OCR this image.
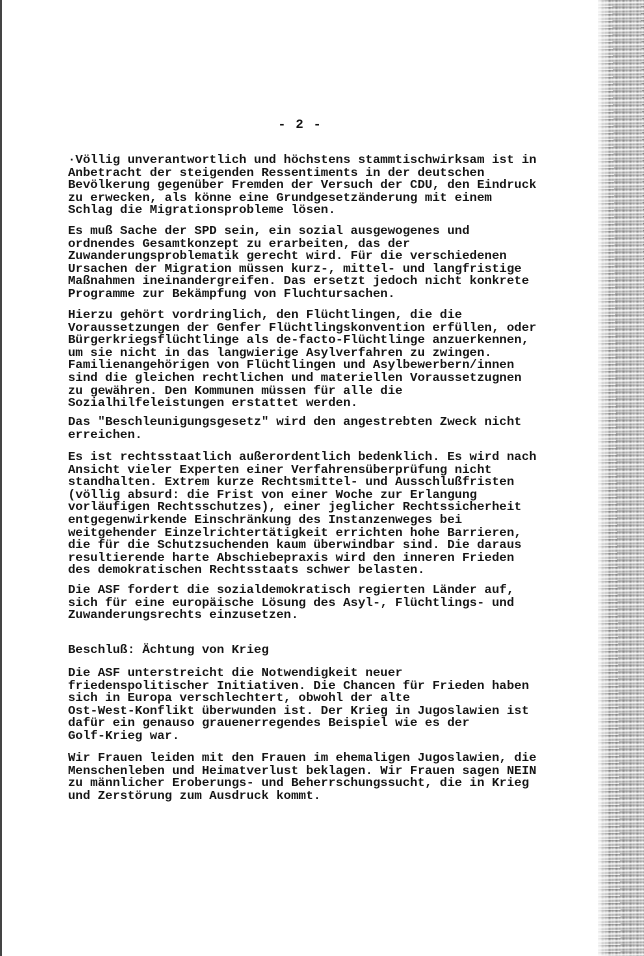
- 2 -
·Völlig unverantwortlich und höchstens stammtischwirksam ist in
Anbetracht der steigenden Ressentiments in der deutschen
Bevölkerung gegenüber Fremden der Versuch der CDU, den Eindruck
zu erwecken, als könne eine Grundgesetzänderung mit einem
Schlag die Migrationsprobleme lösen.
Es muß Sache der SPD sein, ein sozial ausgewogenes und
ordnendes Gesamtkonzept zu erarbeiten, das der
Zuwanderungsproblematik gerecht wird. Für die verschiedenen
Ursachen der Migration müssen kurz-, mittel- und langfristige
Maßnahmen ineinandergreifen. Das ersetzt jedoch nicht konkrete
Programme zur Bekämpfung von Fluchtursachen.
Hierzu gehört vordringlich, den Flüchtlingen, die die
Voraussetzungen der Genfer Flüchtlingskonvention erfüllen, oder
Bürgerkriegsflüchtlinge als de-facto-Flüchtlinge anzuerkennen,
um sie nicht in das langwierige Asylverfahren zu zwingen.
Familienangehörigen von Flüchtlingen und Asylbewerbern/innen
sind die gleichen rechtlichen und materiellen Voraussetzugnen
zu gewähren. Den Kommunen müssen für alle die
Sozialhilfeleistungen erstattet werden.
Das "Beschleunigungsgesetz" wird den angestrebten Zweck nicht
erreichen.
Es ist rechtsstaatlich außerordentlich bedenklich. Es wird nach
Ansicht vieler Experten einer Verfahrensüberprüfung nicht
standhalten. Extrem kurze Rechtsmittel- und Ausschlußfristen
(völlig absurd: die Frist von einer Woche zur Erlangung
vorläufigen Rechtsschutzes), einer jeglicher Rechtssicherheit
entgegenwirkende Einschränkung des Instanzenweges bei
weitgehender Einzelrichtertätigkeit errichten hohe Barrieren,
die für die Schutzsuchenden kaum überwindbar sind. Die daraus
resultierende harte Abschiebepraxis wird den inneren Frieden
des demokratischen Rechtsstaats schwer belasten.
Die ASF fordert die sozialdemokratisch regierten Länder auf,
sich für eine europäische Lösung des Asyl-, Flüchtlings- und
Zuwanderungsrechts einzusetzen.
Beschluß: Ächtung von Krieg
Die ASF unterstreicht die Notwendigkeit neuer
friedenspolitischer Initiativen. Die Chancen für Frieden haben
sich in Europa verschlechtert, obwohl der alte
Ost-West-Konflikt überwunden ist. Der Krieg in Jugoslawien ist
dafür ein genauso grauenerregendes Beispiel wie es der
Golf-Krieg war.
Wir Frauen leiden mit den Frauen im ehemaligen Jugoslawien, die
Menschenleben und Heimatverlust beklagen. Wir Frauen sagen NEIN
zu männlicher Eroberungs- und Beherrschungssucht, die in Krieg
und Zerstörung zum Ausdruck kommt.
